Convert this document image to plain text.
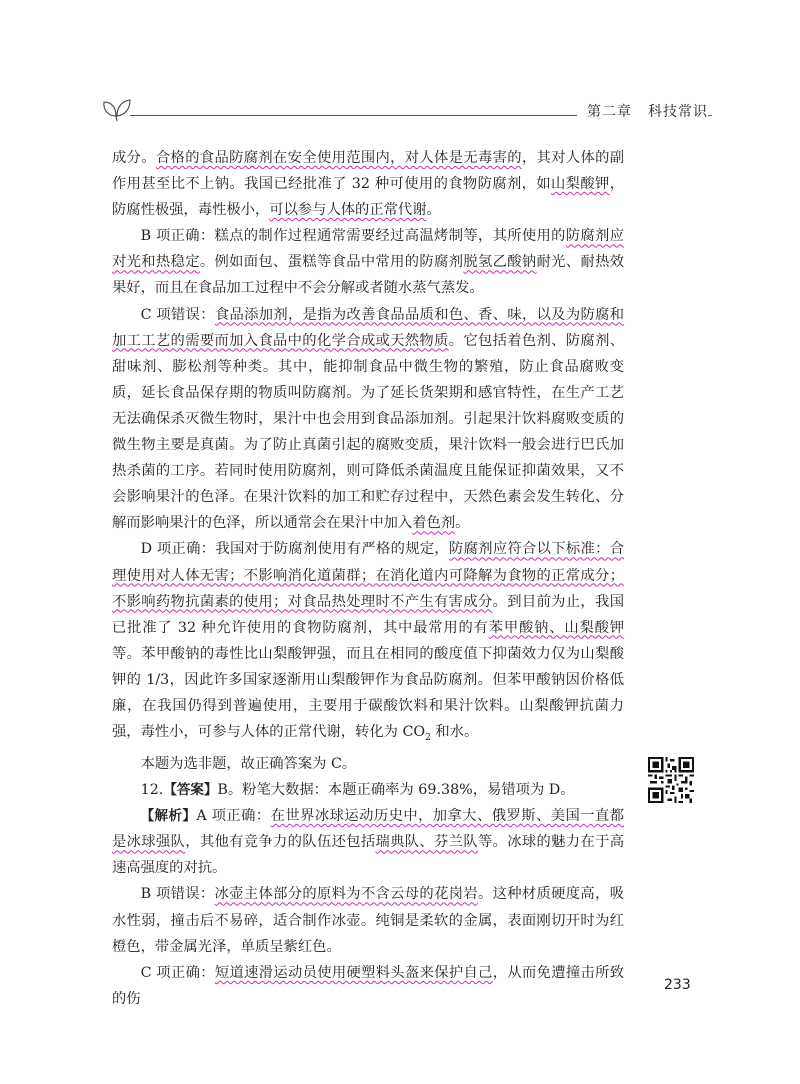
第二章 科技常识

成分。合格的食品防腐剂在安全使用范围内，对人体是无毒害的，其对人体的副作用甚至比不上钠。我国已经批准了 32 种可使用的食物防腐剂，如山梨酸钾，防腐性极强，毒性极小，可以参与人体的正常代谢。

B 项正确：糕点的制作过程通常需要经过高温烤制等，其所使用的防腐剂应对光和热稳定。例如面包、蛋糕等食品中常用的防腐剂脱氢乙酸钠耐光、耐热效果好，而且在食品加工过程中不会分解或者随水蒸气蒸发。

C 项错误：食品添加剂，是指为改善食品品质和色、香、味，以及为防腐和加工工艺的需要而加入食品中的化学合成或天然物质。它包括着色剂、防腐剂、甜味剂、膨松剂等种类。其中，能抑制食品中微生物的繁殖，防止食品腐败变质，延长食品保存期的物质叫防腐剂。为了延长货架期和感官特性，在生产工艺无法确保杀灭微生物时，果汁中也会用到食品添加剂。引起果汁饮料腐败变质的微生物主要是真菌。为了防止真菌引起的腐败变质，果汁饮料一般会进行巴氏加热杀菌的工序。若同时使用防腐剂，则可降低杀菌温度且能保证抑菌效果，又不会影响果汁的色泽。在果汁饮料的加工和贮存过程中，天然色素会发生转化、分解而影响果汁的色泽，所以通常会在果汁中加入着色剂。

D 项正确：我国对于防腐剂使用有严格的规定，防腐剂应符合以下标准：合理使用对人体无害；不影响消化道菌群；在消化道内可降解为食物的正常成分；不影响药物抗菌素的使用；对食品热处理时不产生有害成分。到目前为止，我国已批准了 32 种允许使用的食物防腐剂，其中最常用的有苯甲酸钠、山梨酸钾等。苯甲酸钠的毒性比山梨酸钾强，而且在相同的酸度值下抑菌效力仅为山梨酸钾的 1/3，因此许多国家逐渐用山梨酸钾作为食品防腐剂。但苯甲酸钠因价格低廉，在我国仍得到普遍使用，主要用于碳酸饮料和果汁饮料。山梨酸钾抗菌力强，毒性小，可参与人体的正常代谢，转化为 $CO_2$ 和水。

本题为选非题，故正确答案为 C。

12.【答案】B。粉笔大数据：本题正确率为 69.38%，易错项为 D。

【解析】A 项正确：在世界冰球运动历史中，加拿大、俄罗斯、美国一直都是冰球强队，其他有竞争力的队伍还包括瑞典队、芬兰队等。冰球的魅力在于高速高强度的对抗。

B 项错误：冰壶主体部分的原料为不含云母的花岗岩。这种材质硬度高，吸水性弱，撞击后不易碎，适合制作冰壶。纯铜是柔软的金属，表面刚切开时为红橙色，带金属光泽，单质呈紫红色。

C 项正确：短道速滑运动员使用硬塑料头盔来保护自己，从而免遭撞击所致的伤

233
